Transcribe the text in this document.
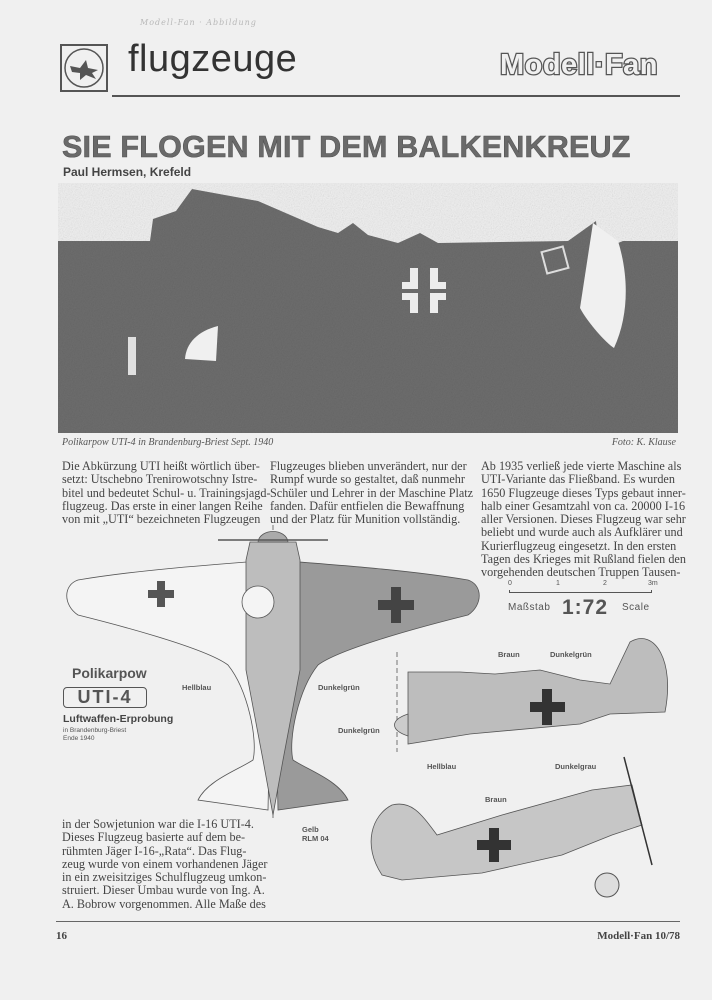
Modell-Fan · Abbildung
flugzeuge	Modell·Fan
SIE FLOGEN MIT DEM BALKENKREUZ
Paul Hermsen, Krefeld
Polikarpow UTI-4 in Brandenburg-Briest Sept. 1940	Foto: K. Klause
Die Abkürzung UTI heißt wörtlich über-
setzt: Utschebno Trenirowotschny Istre-
bitel und bedeutet Schul- u. Trainingsjagd-
flugzeug. Das erste in einer langen Reihe
von mit „UTI“ bezeichneten Flugzeugen
Flugzeuges blieben unverändert, nur der
Rumpf wurde so gestaltet, daß nunmehr
Schüler und Lehrer in der Maschine Platz
fanden. Dafür entfielen die Bewaffnung
und der Platz für Munition vollständig.
Ab 1935 verließ jede vierte Maschine als
UTI-Variante das Fließband. Es wurden
1650 Flugzeuge dieses Typs gebaut inner-
halb einer Gesamtzahl von ca. 20000 I-16
aller Versionen. Dieses Flugzeug war sehr
beliebt und wurde auch als Aufklärer und
Kurierflugzeug eingesetzt. In den ersten
Tagen des Krieges mit Rußland fielen den
vorgehenden deutschen Truppen Tausen-
0	1	2	3m
Maßstab 1:72 Scale
Polikarpow
UTI-4
Luftwaffen-Erprobung
in Brandenburg-Briest
Ende 1940
Hellblau	Dunkelgrün
Dunkelgrün
Gelb
RLM 04
Braun	Dunkelgrün
Hellblau	Dunkelgrau
Braun
in der Sowjetunion war die I-16 UTI-4.
Dieses Flugzeug basierte auf dem be-
rühmten Jäger I-16-„Rata“. Das Flug-
zeug wurde von einem vorhandenen Jäger
in ein zweisitziges Schulflugzeug umkon-
struiert. Dieser Umbau wurde von Ing. A.
A. Bobrow vorgenommen. Alle Maße des
16	Modell·Fan 10/78
